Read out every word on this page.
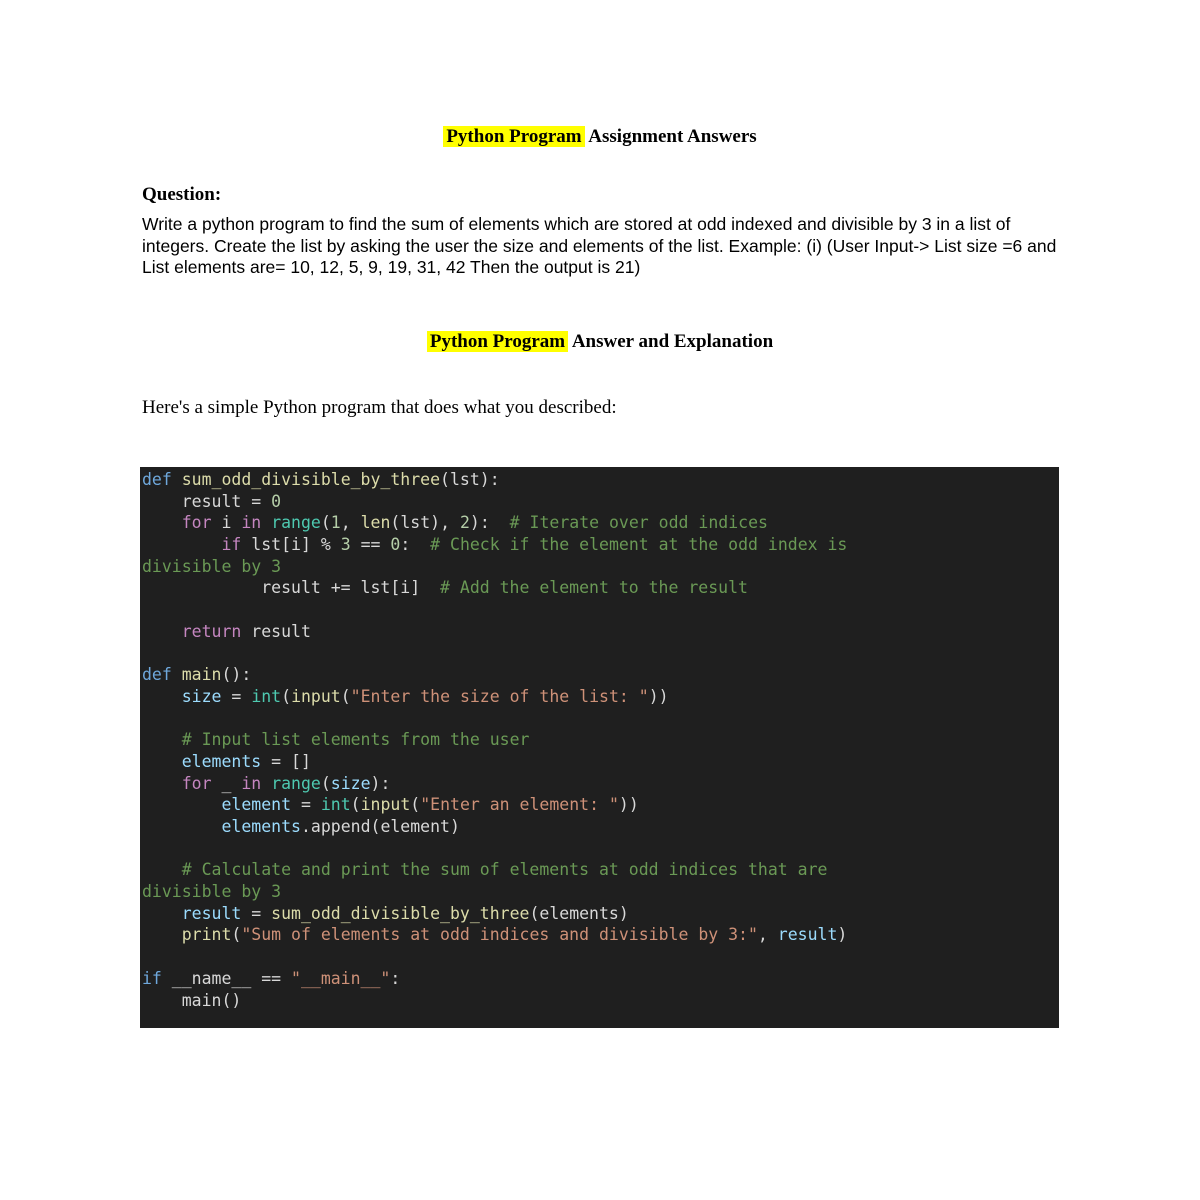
Python Program Assignment Answers
Question:
Write a python program to find the sum of elements which are stored at odd indexed and divisible by 3 in a list of integers. Create the list by asking the user the size and elements of the list. Example: (i) (User Input-> List size =6 and List elements are= 10, 12, 5, 9, 19, 31, 42 Then the output is 21)
Python Program Answer and Explanation
Here's a simple Python program that does what you described:
def sum_odd_divisible_by_three(lst):
result = 0
for i in range(1, len(lst), 2):  # Iterate over odd indices
if lst[i] % 3 == 0:  # Check if the element at the odd index is
divisible by 3
result += lst[i]  # Add the element to the result
return result
def main():
size = int(input("Enter the size of the list: "))
# Input list elements from the user
elements = []
for _ in range(size):
element = int(input("Enter an element: "))
elements.append(element)
# Calculate and print the sum of elements at odd indices that are
divisible by 3
result = sum_odd_divisible_by_three(elements)
print("Sum of elements at odd indices and divisible by 3:", result)
if __name__ == "__main__":
main()
